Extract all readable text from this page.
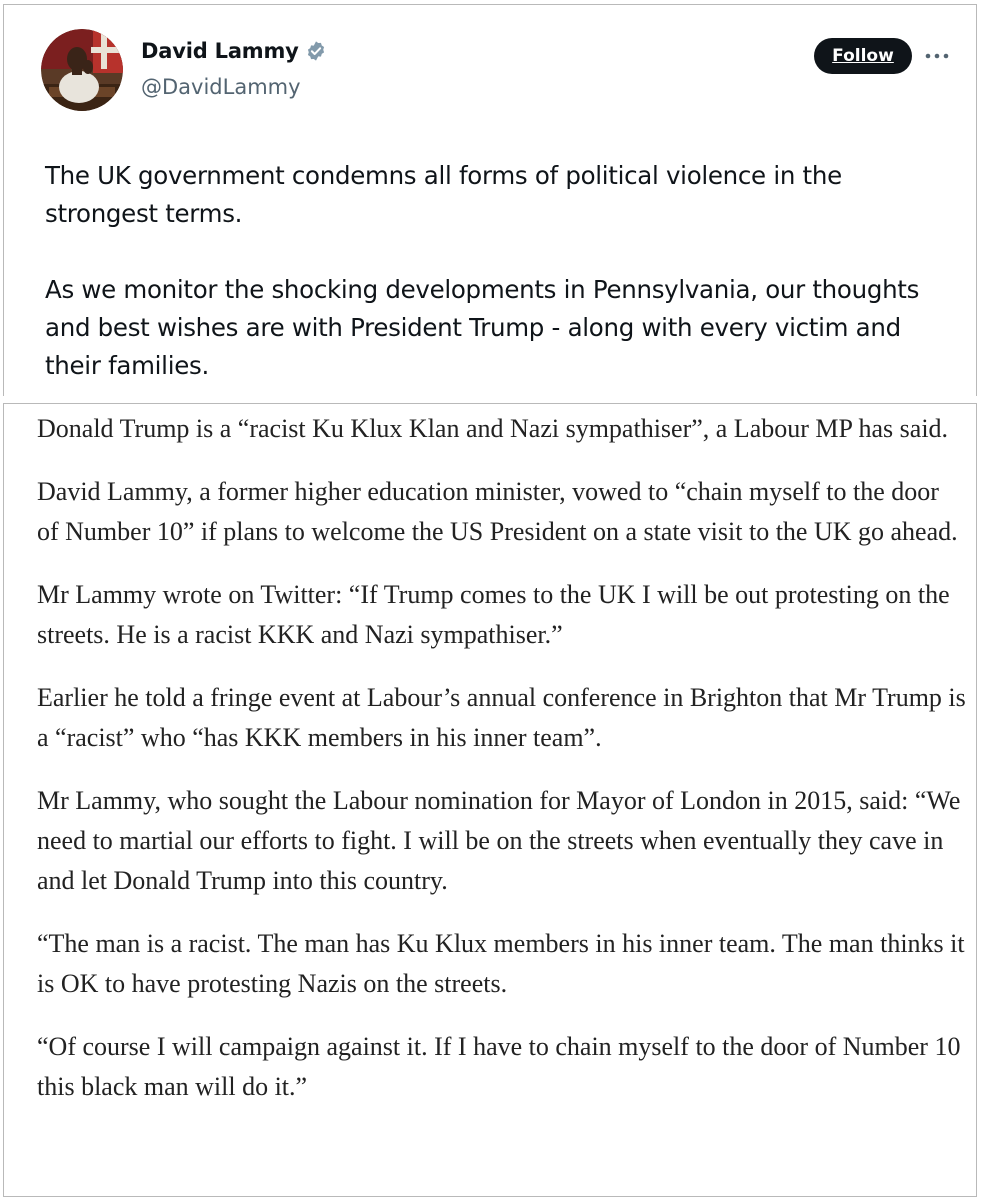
David Lammy
@DavidLammy
Follow

The UK government condemns all forms of political violence in the strongest terms.

As we monitor the shocking developments in Pennsylvania, our thoughts and best wishes are with President Trump - along with every victim and their families.

Donald Trump is a “racist Ku Klux Klan and Nazi sympathiser”, a Labour MP has said.

David Lammy, a former higher education minister, vowed to “chain myself to the door of Number 10” if plans to welcome the US President on a state visit to the UK go ahead.

Mr Lammy wrote on Twitter: “If Trump comes to the UK I will be out protesting on the streets. He is a racist KKK and Nazi sympathiser.”

Earlier he told a fringe event at Labour’s annual conference in Brighton that Mr Trump is a “racist” who “has KKK members in his inner team”.

Mr Lammy, who sought the Labour nomination for Mayor of London in 2015, said: “We need to martial our efforts to fight. I will be on the streets when eventually they cave in and let Donald Trump into this country.

“The man is a racist. The man has Ku Klux members in his inner team. The man thinks it is OK to have protesting Nazis on the streets.

“Of course I will campaign against it. If I have to chain myself to the door of Number 10 this black man will do it.”
